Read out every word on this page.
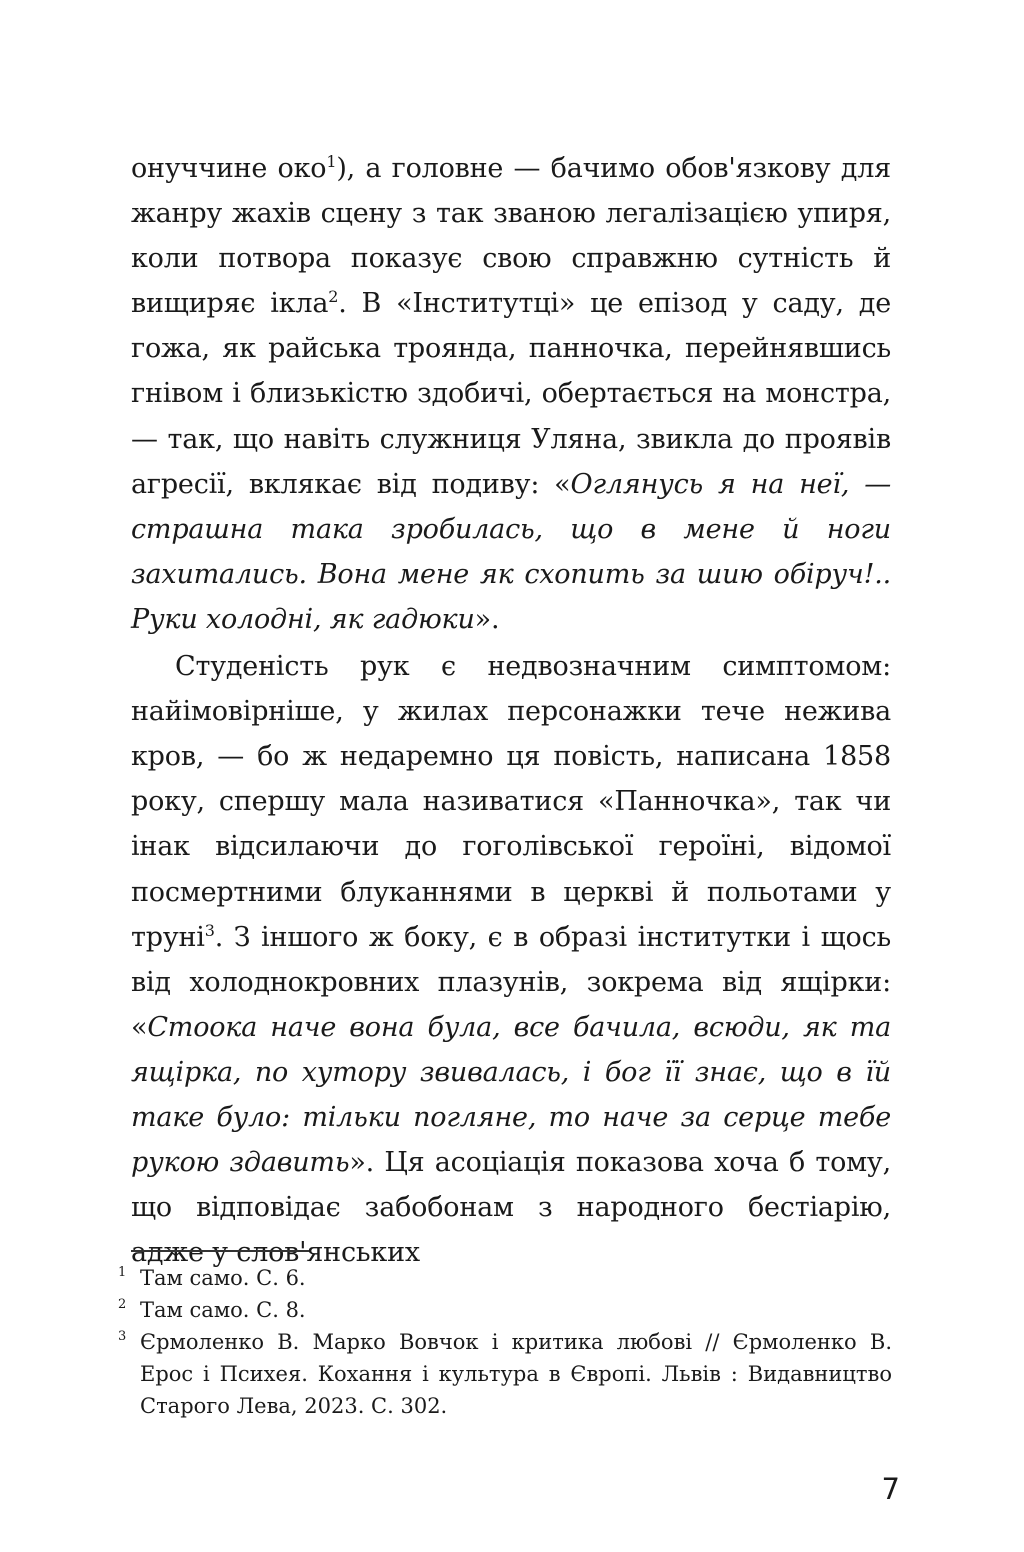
онуччине око$^1$), а головне — бачимо обов'язкову для жанру жахів сцену з так званою легалізацією упиря, коли потвора показує свою справжню сутність й вищиряє ікла$^2$. В «Інститутці» це епізод у саду, де гожа, як райська троянда, панночка, перейнявшись гнівом і близькістю здобичі, обертається на монстра, — так, що навіть служниця Уляна, звикла до проявів агресії, вклякає від подиву: «Оглянусь я на неї, — страшна така зробилась, що в мене й ноги захитались. Вона мене як схопить за шию обіруч!.. Руки холодні, як гадюки».

Студеність рук є недвозначним симптомом: найімовірніше, у жилах персонажки тече нежива кров, — бо ж недаремно ця повість, написана 1858 року, спершу мала називатися «Панночка», так чи інак відсилаючи до гоголівської героїні, відомої посмертними блуканнями в церкві й польотами у труні$^3$. З іншого ж боку, є в образі інститутки і щось від холоднокровних плазунів, зокрема від ящірки: «Стоока наче вона була, все бачила, всюди, як та ящірка, по хутору звивалась, і бог її знає, що в їй таке було: тільки погляне, то наче за серце тебе рукою здавить». Ця асоціація показова хоча б тому, що відповідає забобонам з народного бестіарію, адже у слов'янських

1 Там само. С. 6.
2 Там само. С. 8.
3 Єрмоленко В. Марко Вовчок і критика любові // Єрмоленко В. Ерос і Психея. Кохання і культура в Європі. Львів : Видавництво Старого Лева, 2023. С. 302.
7
